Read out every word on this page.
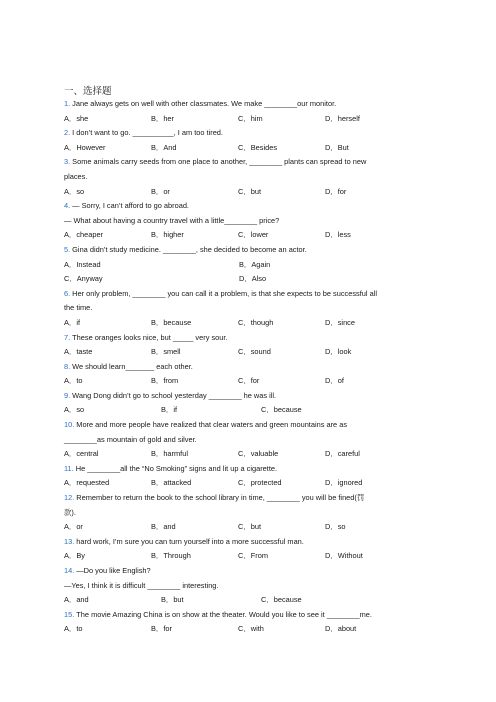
一、选择题
1. Jane always gets on well with other classmates. We make ________our monitor.
A．she	B．her	C．him	D．herself
2. I don’t want to go. __________, I am too tired.
A．However	B．And	C．Besides	D．But
3. Some animals carry seeds from one place to another, ________ plants can spread to new
places.
A．so	B．or	C．but	D．for
4. — Sorry, I can’t afford to go abroad.
— What about having a country travel with a little________ price?
A．cheaper	B．higher	C．lower	D．less
5. Gina didn’t study medicine. ________, she decided to become an actor.
A．Instead	B．Again
C．Anyway	D．Also
6. Her only problem, ________ you can call it a problem, is that she expects to be successful all
the time.
A．if	B．because	C．though	D．since
7. These oranges looks nice, but _____ very sour.
A．taste	B．smell	C．sound	D．look
8. We should learn_______ each other.
A．to	B．from	C．for	D．of
9. Wang Dong didn’t go to school yesterday ________ he was ill.
A．so	B．if	C．because
10. More and more people have realized that clear waters and green mountains are as
________as mountain of gold and silver.
A．central	B．harmful	C．valuable	D．careful
11. He ________all the “No Smoking” signs and lit up a cigarette.
A．requested	B．attacked	C．protected	D．ignored
12. Remember to return the book to the school library in time, ________ you will be fined(罚
款).
A．or	B．and	C．but	D．so
13. hard work, I’m sure you can turn yourself into a more successful man.
A．By	B．Through	C．From	D．Without
14. —Do you like English?
—Yes, I think it is difficult ________ interesting.
A．and	B．but	C．because
15. The movie Amazing China is on show at the theater. Would you like to see it ________me.
A．to	B．for	C．with	D．about
